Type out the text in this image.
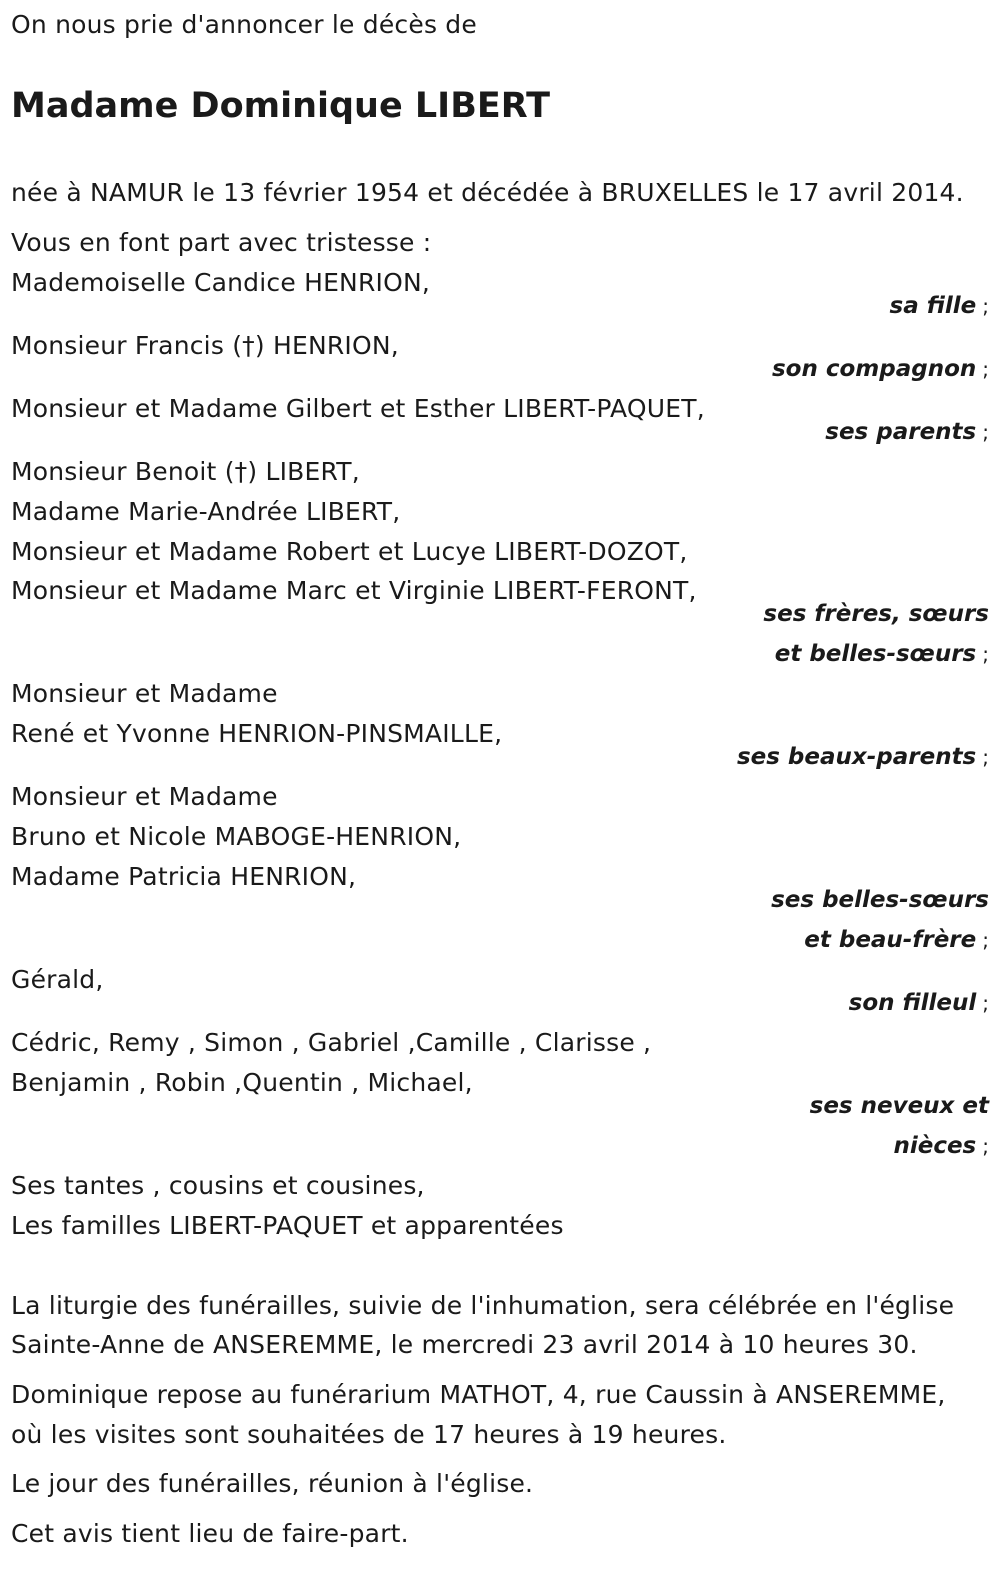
On nous prie d'annoncer le décès de
Madame Dominique LIBERT
née à NAMUR le 13 février 1954 et décédée à BRUXELLES le 17 avril 2014.
Vous en font part avec tristesse :
Mademoiselle Candice HENRION,
sa fille ;
Monsieur Francis (†) HENRION,
son compagnon ;
Monsieur et Madame Gilbert et Esther LIBERT-PAQUET,
ses parents ;
Monsieur Benoit (†) LIBERT,
Madame Marie-Andrée LIBERT,
Monsieur et Madame Robert et Lucye LIBERT-DOZOT,
Monsieur et Madame Marc et Virginie LIBERT-FERONT,
ses frères, sœurs
et belles-sœurs ;
Monsieur et Madame
René et Yvonne HENRION-PINSMAILLE,
ses beaux-parents ;
Monsieur et Madame
Bruno et Nicole MABOGE-HENRION,
Madame Patricia HENRION,
ses belles-sœurs
et beau-frère ;
Gérald,
son filleul ;
Cédric, Remy , Simon , Gabriel ,Camille , Clarisse ,
Benjamin , Robin ,Quentin , Michael,
ses neveux et
nièces ;
Ses tantes , cousins et cousines,
Les familles LIBERT-PAQUET et apparentées
La liturgie des funérailles, suivie de l'inhumation, sera célébrée en l'église
Sainte-Anne de ANSEREMME, le mercredi 23 avril 2014 à 10 heures 30.
Dominique repose au funérarium MATHOT, 4, rue Caussin à ANSEREMME,
où les visites sont souhaitées de 17 heures à 19 heures.
Le jour des funérailles, réunion à l'église.
Cet avis tient lieu de faire-part.
